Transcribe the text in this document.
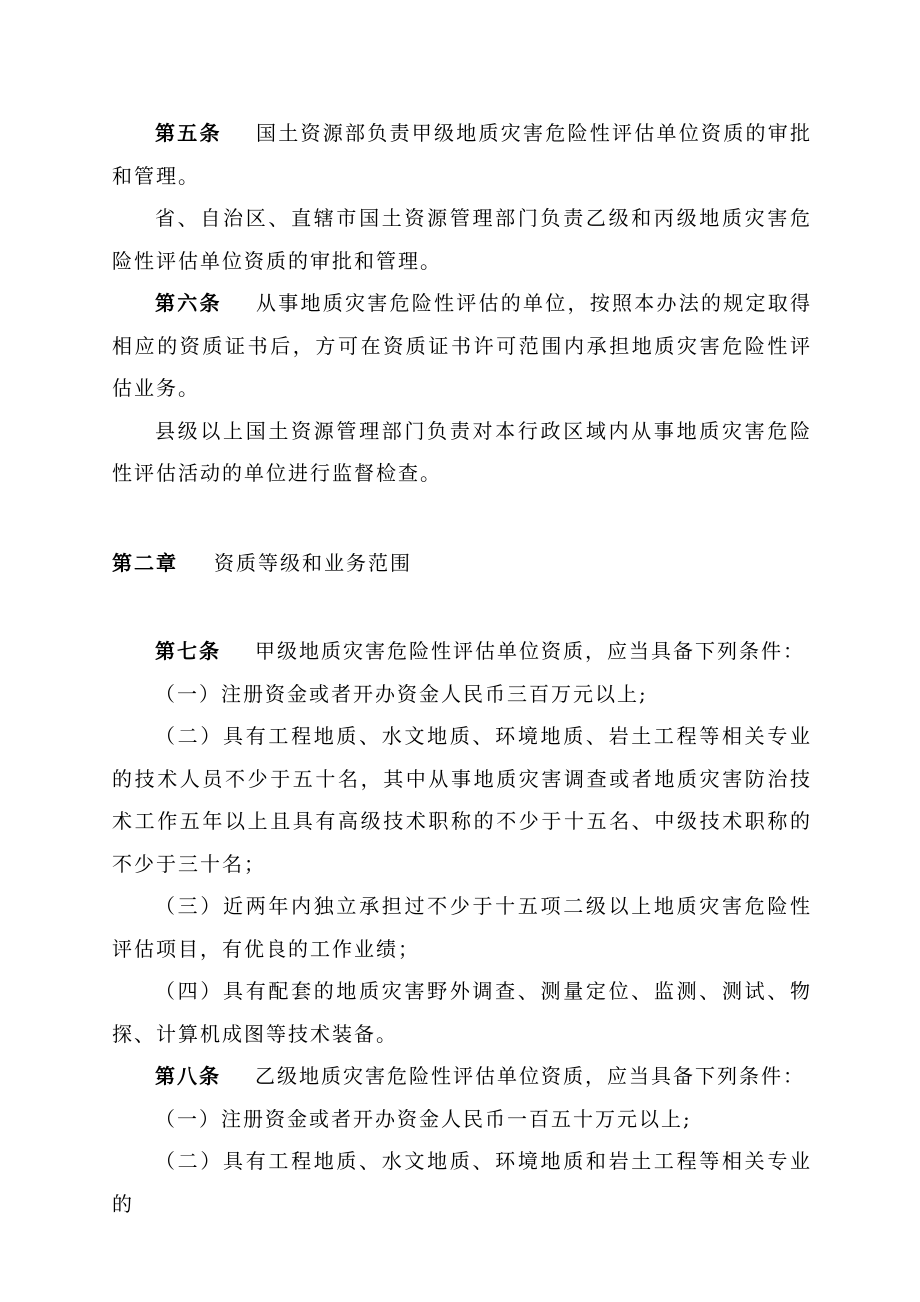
第五条 国土资源部负责甲级地质灾害危险性评估单位资质的审批和管理。

省、自治区、直辖市国土资源管理部门负责乙级和丙级地质灾害危险性评估单位资质的审批和管理。

第六条 从事地质灾害危险性评估的单位，按照本办法的规定取得相应的资质证书后，方可在资质证书许可范围内承担地质灾害危险性评估业务。

县级以上国土资源管理部门负责对本行政区域内从事地质灾害危险性评估活动的单位进行监督检查。

第二章 资质等级和业务范围

第七条 甲级地质灾害危险性评估单位资质，应当具备下列条件：

（一）注册资金或者开办资金人民币三百万元以上;

（二）具有工程地质、水文地质、环境地质、岩土工程等相关专业的技术人员不少于五十名，其中从事地质灾害调查或者地质灾害防治技术工作五年以上且具有高级技术职称的不少于十五名、中级技术职称的不少于三十名；

（三）近两年内独立承担过不少于十五项二级以上地质灾害危险性评估项目，有优良的工作业绩；

（四）具有配套的地质灾害野外调查、测量定位、监测、测试、物探、计算机成图等技术装备。

第八条 乙级地质灾害危险性评估单位资质，应当具备下列条件：

（一）注册资金或者开办资金人民币一百五十万元以上;

（二）具有工程地质、水文地质、环境地质和岩土工程等相关专业的
